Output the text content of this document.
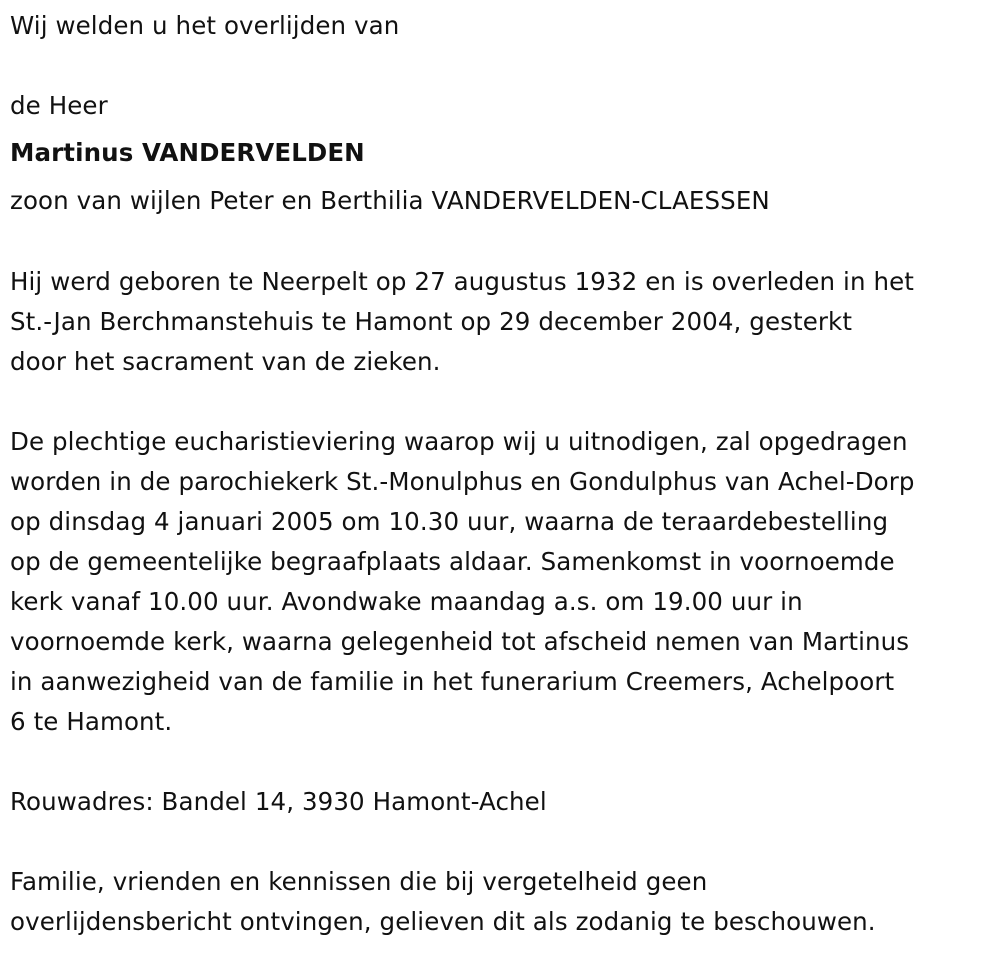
Wij welden u het overlijden van
de Heer
Martinus VANDERVELDEN
zoon van wijlen Peter en Berthilia VANDERVELDEN-CLAESSEN
Hij werd geboren te Neerpelt op 27 augustus 1932 en is overleden in het
St.-Jan Berchmanstehuis te Hamont op 29 december 2004, gesterkt
door het sacrament van de zieken.
De plechtige eucharistieviering waarop wij u uitnodigen, zal opgedragen
worden in de parochiekerk St.-Monulphus en Gondulphus van Achel-Dorp
op dinsdag 4 januari 2005 om 10.30 uur, waarna de teraardebestelling
op de gemeentelijke begraafplaats aldaar. Samenkomst in voornoemde
kerk vanaf 10.00 uur. Avondwake maandag a.s. om 19.00 uur in
voornoemde kerk, waarna gelegenheid tot afscheid nemen van Martinus
in aanwezigheid van de familie in het funerarium Creemers, Achelpoort
6 te Hamont.
Rouwadres: Bandel 14, 3930 Hamont-Achel
Familie, vrienden en kennissen die bij vergetelheid geen
overlijdensbericht ontvingen, gelieven dit als zodanig te beschouwen.
